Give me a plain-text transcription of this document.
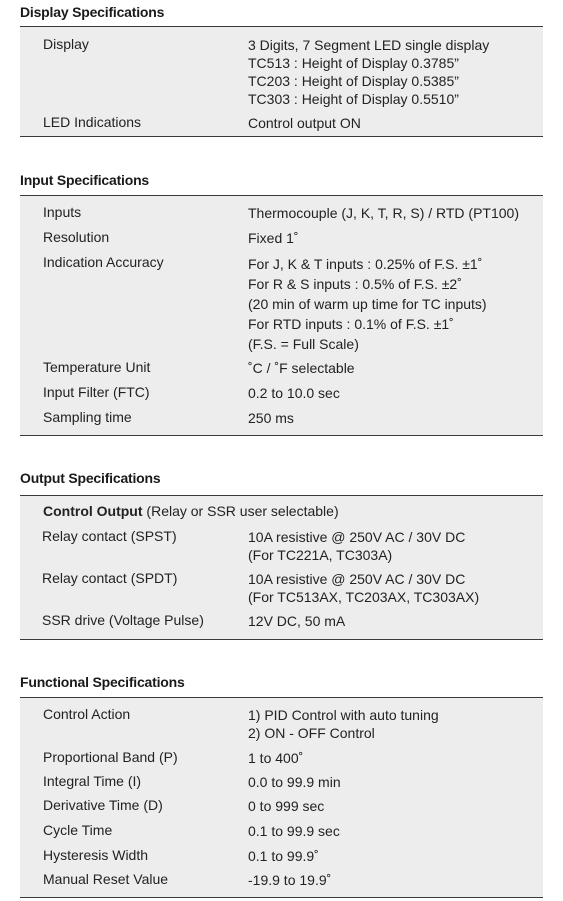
Display Specifications
Display	3 Digits, 7 Segment LED single display
TC513 : Height of Display 0.3785”
TC203 : Height of Display 0.5385”
TC303 : Height of Display 0.5510”
LED Indications	Control output ON
Input Specifications
Inputs	Thermocouple (J, K, T, R, S) / RTD (PT100)
Resolution	Fixed 1˚
Indication Accuracy	For J, K & T inputs : 0.25% of F.S. ±1˚
For R & S inputs : 0.5% of F.S. ±2˚
(20 min of warm up time for TC inputs)
For RTD inputs : 0.1% of F.S. ±1˚
(F.S. = Full Scale)
Temperature Unit	˚C / ˚F selectable
Input Filter (FTC)	0.2 to 10.0 sec
Sampling time	250 ms
Output Specifications
Control Output (Relay or SSR user selectable)
Relay contact (SPST)	10A resistive @ 250V AC / 30V DC
(For TC221A, TC303A)
Relay contact (SPDT)	10A resistive @ 250V AC / 30V DC
(For TC513AX, TC203AX, TC303AX)
SSR drive (Voltage Pulse)	12V DC, 50 mA
Functional Specifications
Control Action	1) PID Control with auto tuning
2) ON - OFF Control
Proportional Band (P)	1 to 400˚
Integral Time (I)	0.0 to 99.9 min
Derivative Time (D)	0 to 999 sec
Cycle Time	0.1 to 99.9 sec
Hysteresis Width	0.1 to 99.9˚
Manual Reset Value	-19.9 to 19.9˚
